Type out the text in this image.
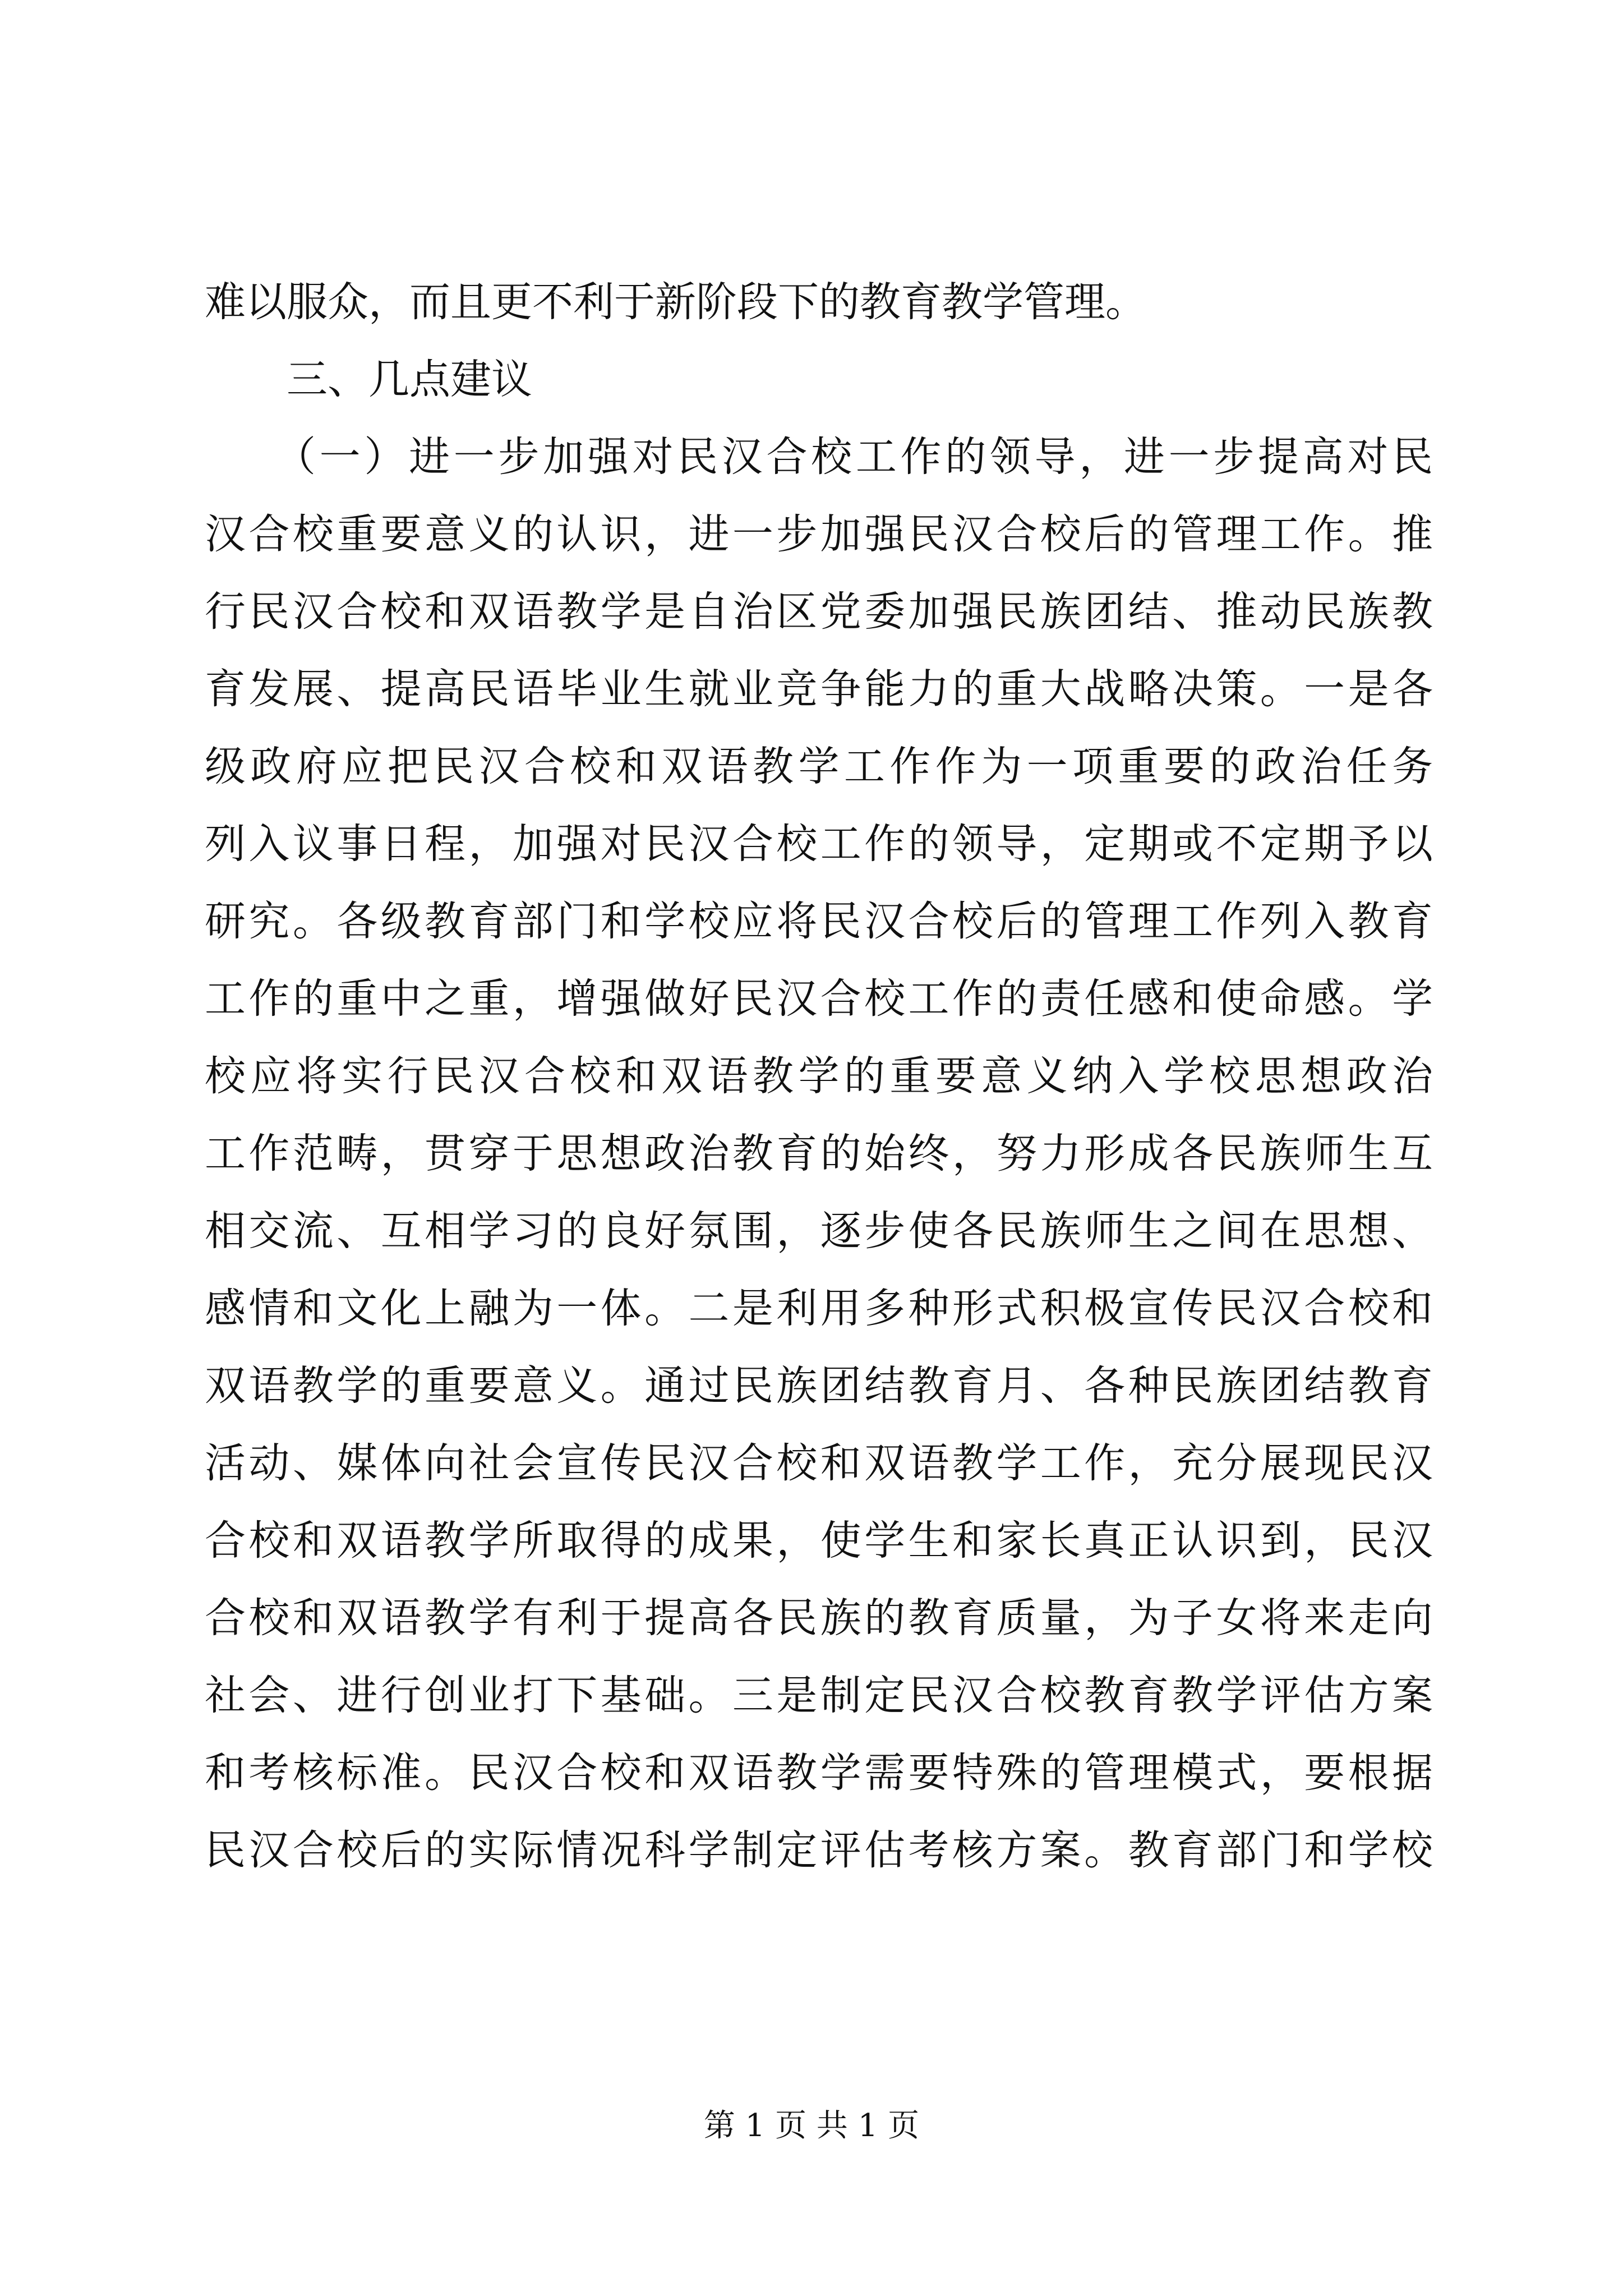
难以服众，而且更不利于新阶段下的教育教学管理。
三、几点建议
（一）进一步加强对民汉合校工作的领导，进一步提高对民
汉合校重要意义的认识，进一步加强民汉合校后的管理工作。推
行民汉合校和双语教学是自治区党委加强民族团结、推动民族教
育发展、提高民语毕业生就业竞争能力的重大战略决策。一是各
级政府应把民汉合校和双语教学工作作为一项重要的政治任务
列入议事日程，加强对民汉合校工作的领导，定期或不定期予以
研究。各级教育部门和学校应将民汉合校后的管理工作列入教育
工作的重中之重，增强做好民汉合校工作的责任感和使命感。学
校应将实行民汉合校和双语教学的重要意义纳入学校思想政治
工作范畴，贯穿于思想政治教育的始终，努力形成各民族师生互
相交流、互相学习的良好氛围，逐步使各民族师生之间在思想、
感情和文化上融为一体。二是利用多种形式积极宣传民汉合校和
双语教学的重要意义。通过民族团结教育月、各种民族团结教育
活动、媒体向社会宣传民汉合校和双语教学工作，充分展现民汉
合校和双语教学所取得的成果，使学生和家长真正认识到，民汉
合校和双语教学有利于提高各民族的教育质量，为子女将来走向
社会、进行创业打下基础。三是制定民汉合校教育教学评估方案
和考核标准。民汉合校和双语教学需要特殊的管理模式，要根据
民汉合校后的实际情况科学制定评估考核方案。教育部门和学校
第 1 页 共 1 页
